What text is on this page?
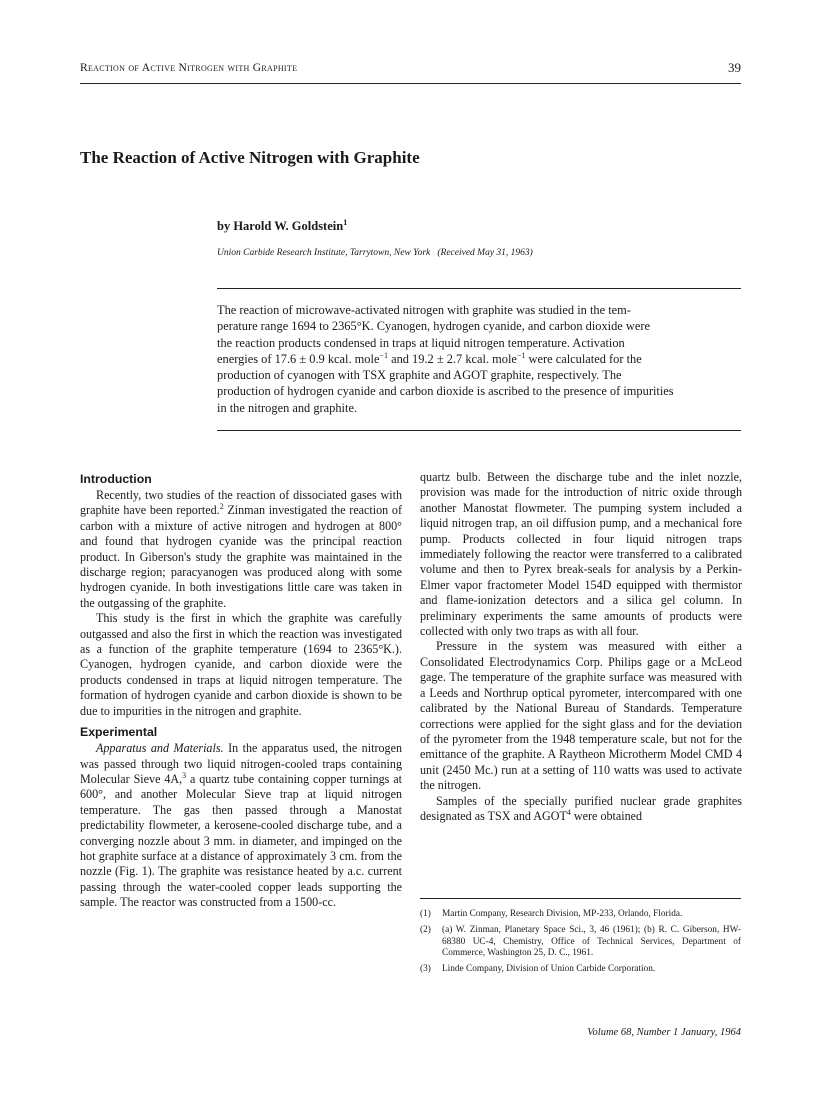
Reaction of Active Nitrogen with Graphite	39
The Reaction of Active Nitrogen with Graphite
by Harold W. Goldstein$^1$
Union Carbide Research Institute, Tarrytown, New York (Received May 31, 1963)
The reaction of microwave-activated nitrogen with graphite was studied in the tem-
perature range 1694 to 2365°K. Cyanogen, hydrogen cyanide, and carbon dioxide were
the reaction products condensed in traps at liquid nitrogen temperature. Activation
energies of 17.6 ± 0.9 kcal. mole$^{-1}$ and 19.2 ± 2.7 kcal. mole$^{-1}$ were calculated for the
production of cyanogen with TSX graphite and AGOT graphite, respectively. The
production of hydrogen cyanide and carbon dioxide is ascribed to the presence of impurities
in the nitrogen and graphite.
Introduction

Recently, two studies of the reaction of dissociated gases with graphite have been reported.$^2$ Zinman investigated the reaction of carbon with a mixture of active nitrogen and hydrogen at 800° and found that hydrogen cyanide was the principal reaction product. In Giberson's study the graphite was maintained in the discharge region; paracyanogen was produced along with some hydrogen cyanide. In both investigations little care was taken in the outgassing of the graphite.

This study is the first in which the graphite was carefully outgassed and also the first in which the reaction was investigated as a function of the graphite temperature (1694 to 2365°K.). Cyanogen, hydrogen cyanide, and carbon dioxide were the products condensed in traps at liquid nitrogen temperature. The formation of hydrogen cyanide and carbon dioxide is shown to be due to impurities in the nitrogen and graphite.

Experimental

Apparatus and Materials. In the apparatus used, the nitrogen was passed through two liquid nitrogen-cooled traps containing Molecular Sieve 4A,$^3$ a quartz tube containing copper turnings at 600°, and another Molecular Sieve trap at liquid nitrogen temperature. The gas then passed through a Manostat predictability flowmeter, a kerosene-cooled discharge tube, and a converging nozzle about 3 mm. in diameter, and impinged on the hot graphite surface at a distance of approximately 3 cm. from the nozzle (Fig. 1). The graphite was resistance heated by a.c. current passing through the water-cooled copper leads supporting the sample. The reactor was constructed from a 1500-cc.

quartz bulb. Between the discharge tube and the inlet nozzle, provision was made for the introduction of nitric oxide through another Manostat flowmeter. The pumping system included a liquid nitrogen trap, an oil diffusion pump, and a mechanical fore pump. Products collected in four liquid nitrogen traps immediately following the reactor were transferred to a calibrated volume and then to Pyrex break-seals for analysis by a Perkin-Elmer vapor fractometer Model 154D equipped with thermistor and flame-ionization detectors and a silica gel column. In preliminary experiments the same amounts of products were collected with only two traps as with all four.

Pressure in the system was measured with either a Consolidated Electrodynamics Corp. Philips gage or a McLeod gage. The temperature of the graphite surface was measured with a Leeds and Northrup optical pyrometer, intercompared with one calibrated by the National Bureau of Standards. Temperature corrections were applied for the sight glass and for the deviation of the pyrometer from the 1948 temperature scale, but not for the emittance of the graphite. A Raytheon Microtherm Model CMD 4 unit (2450 Mc.) run at a setting of 110 watts was used to activate the nitrogen.

Samples of the specially purified nuclear grade graphites designated as TSX and AGOT$^4$ were obtained

(1)	Martin Company, Research Division, MP-233, Orlando, Florida.
(2)	(a) W. Zinman, Planetary Space Sci., 3, 46 (1961); (b) R. C. Giberson, HW-68380 UC-4, Chemistry, Office of Technical Services, Department of Commerce, Washington 25, D. C., 1961.
(3)	Linde Company, Division of Union Carbide Corporation.
Volume 68, Number 1 January, 1964
